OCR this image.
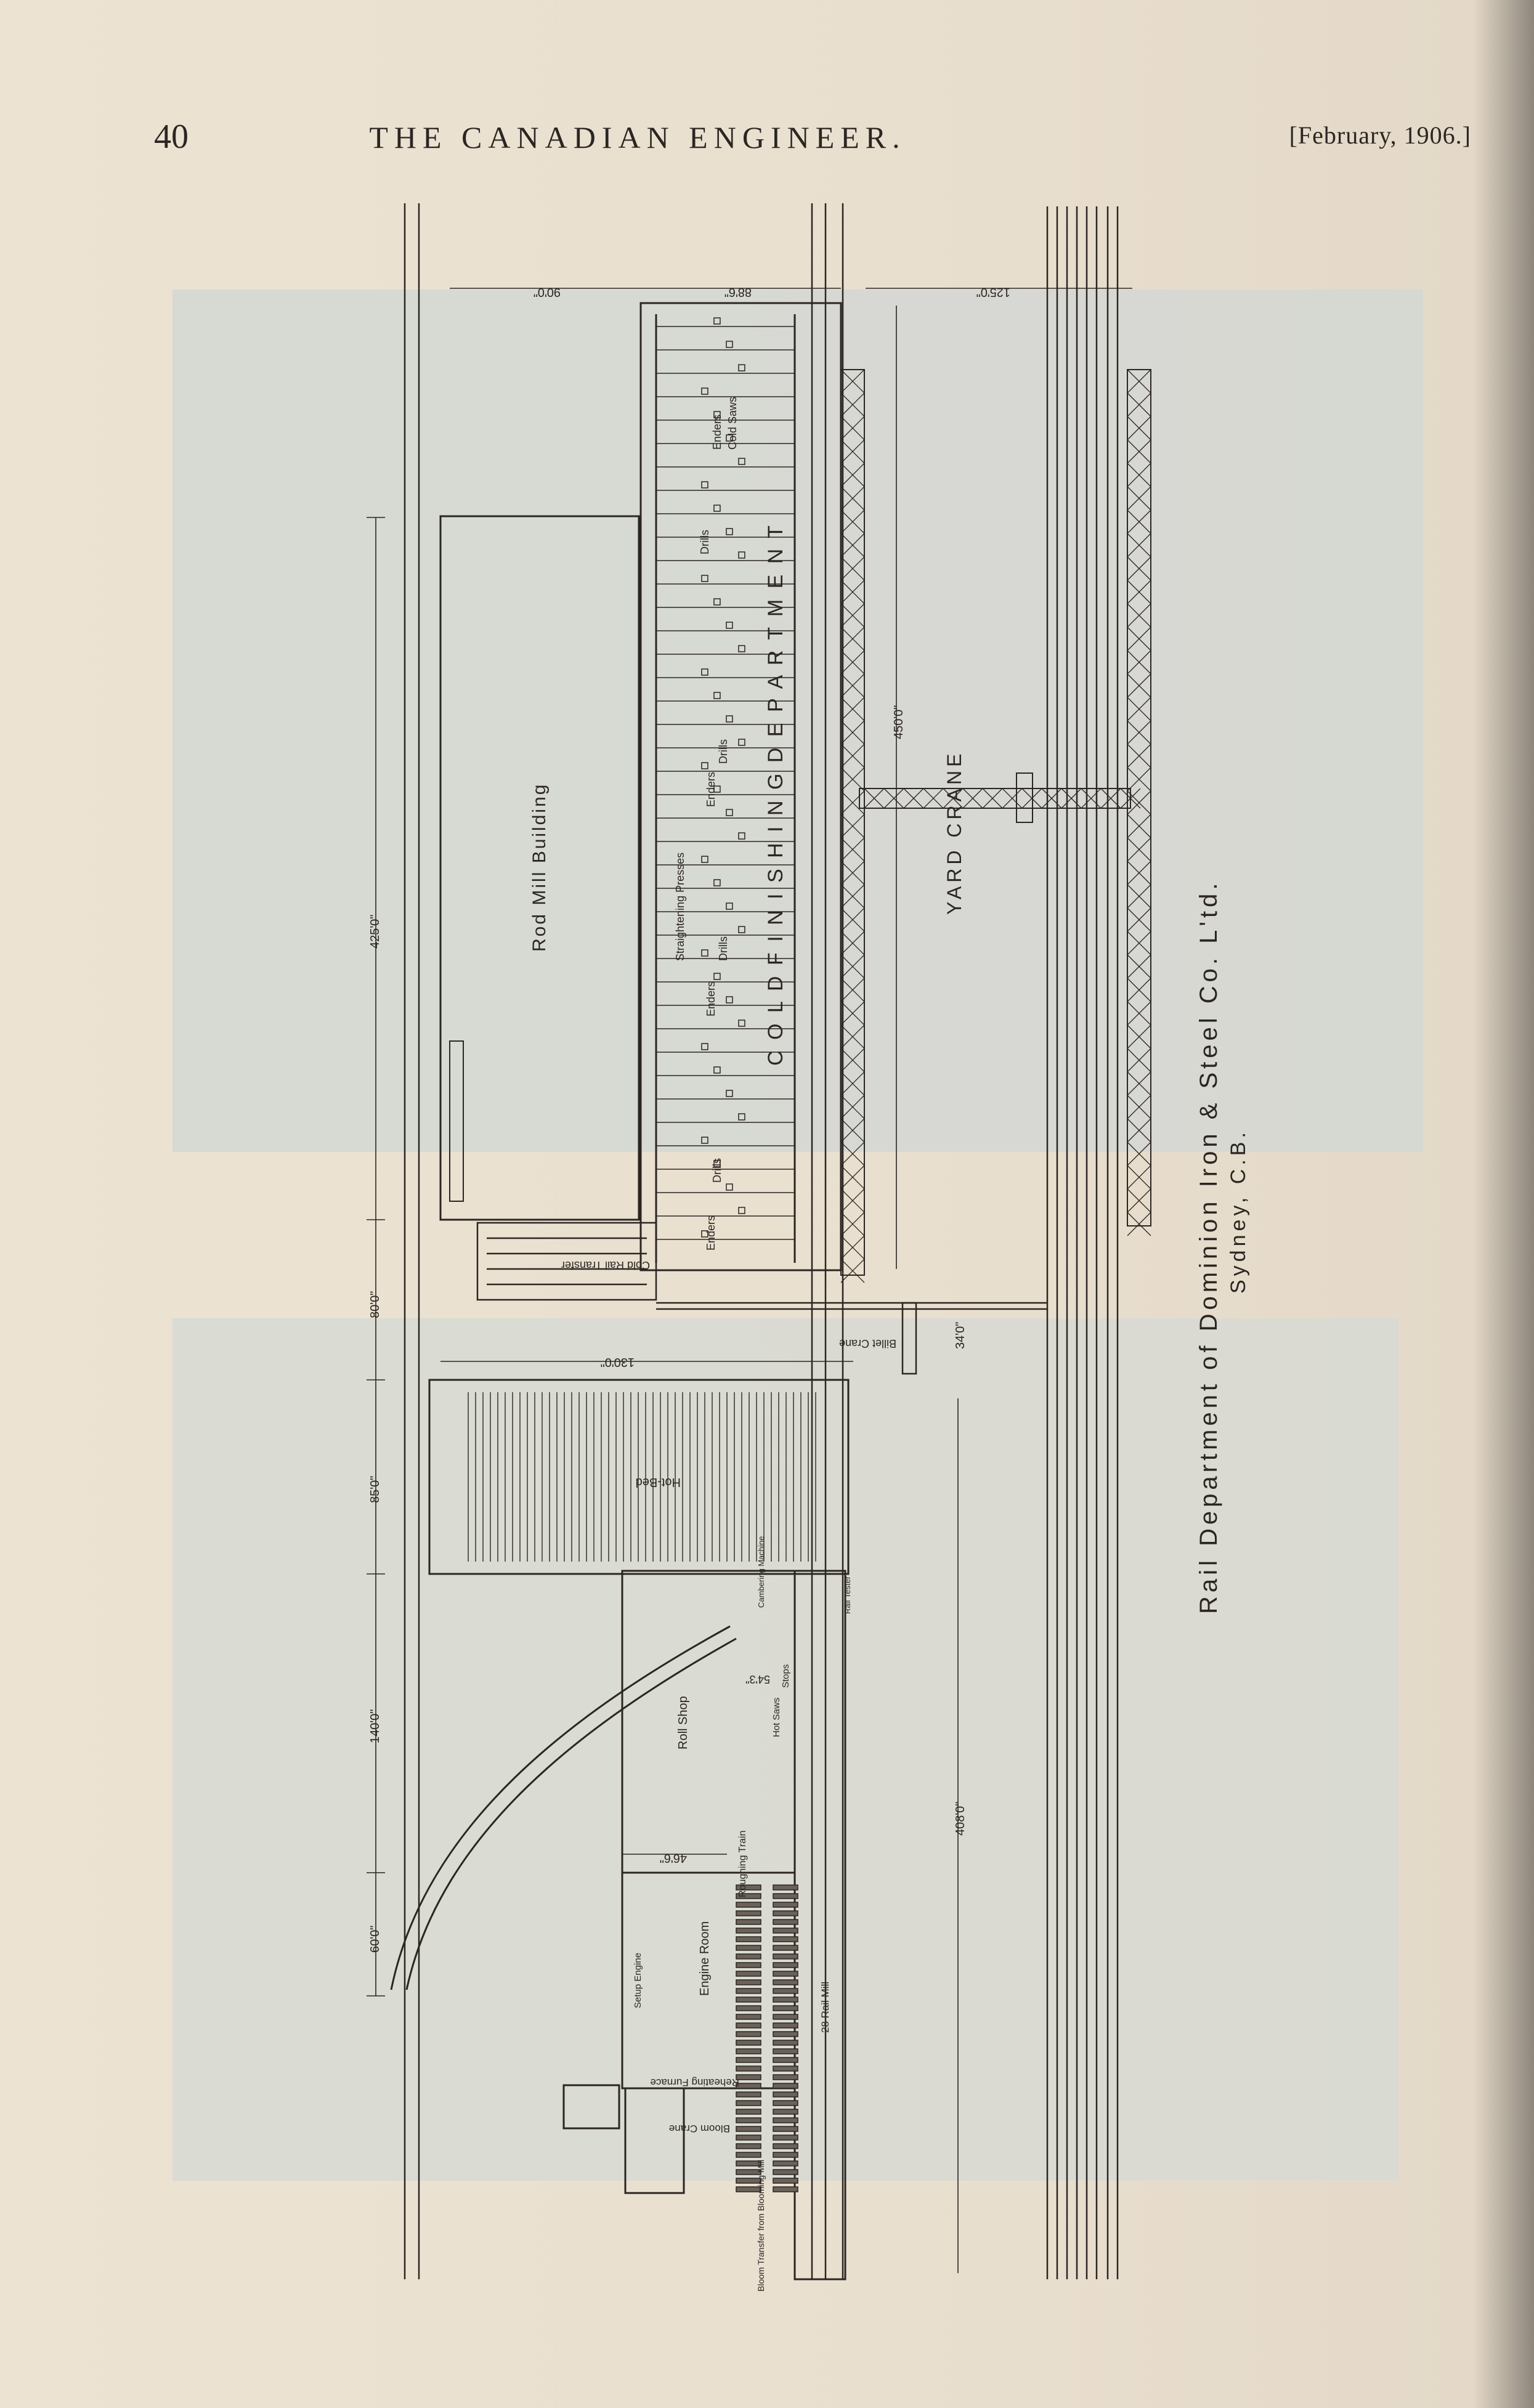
40	THE CANADIAN ENGINEER.	[February, 1906.]
Rod Mill Building	C O L D F I N I S H I N G D E P A R T M E N T	YARD CRANE
Straightening Presses	Drills
Drills
Drills
Drills
Enders
Enders
Enders
Enders Cold Saws
Cold Rail Transfer
Billet Crane
Hot-Bed
Roll Shop
Engine Room
Setup Engine
Reheating Furnace
Bloom Crane
Bloom Transfer from Blooming Mill
28 Rail Mill
Roughing Train
Hot Saws
Stops
Cambering Machine	Rail Tester
90'0"	88'6"	125'0"
450'0"
425'0"
80'0"
130'0"
34'0"
85'0"
140'0"
408'0"
46'6"
60'0"
54'3"
Rail Department of Dominion Iron & Steel Co. L'td. Sydney, C.B.
